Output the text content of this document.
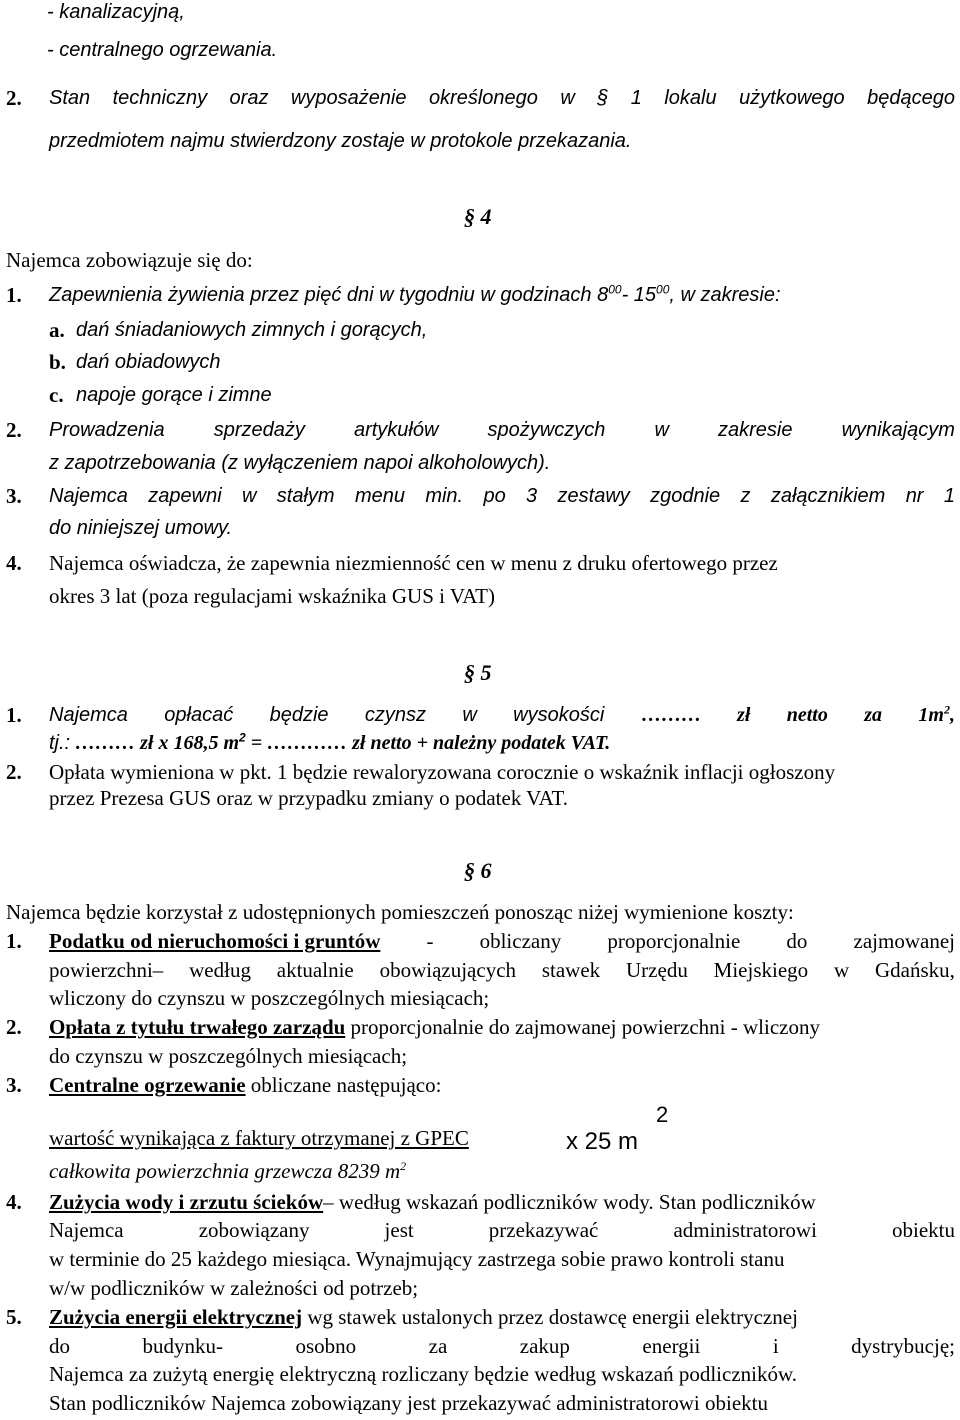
- kanalizacyjną,
- centralnego ogrzewania.
2. Stan techniczny oraz wyposażenie określonego w § 1 lokalu użytkowego będącego
przedmiotem najmu stwierdzony zostaje w protokole przekazania.
§ 4
Najemca zobowiązuje się do:
1. Zapewnienia żywienia przez pięć dni w tygodniu w godzinach $8^{00}-$ $15^{00}$, w zakresie:
a. dań śniadaniowych zimnych i gorących,
b. dań obiadowych
c. napoje gorące i zimne
2. Prowadzenia sprzedaży artykułów spożywczych w zakresie wynikającym
z zapotrzebowania (z wyłączeniem napoi alkoholowych).
3. Najemca zapewni w stałym menu min. po 3 zestawy zgodnie z załącznikiem nr 1
do niniejszej umowy.
4. Najemca oświadcza, że zapewnia niezmienność cen w menu z druku ofertowego przez
okres 3 lat (poza regulacjami wskaźnika GUS i VAT)
§ 5
1. Najemca opłacać będzie czynsz w wysokości ……… zł netto za $1m^2$,
tj.: ……… zł x 168,5 $m^2$ = ………… zł netto + należny podatek VAT.
2. Opłata wymieniona w pkt. 1 będzie rewaloryzowana corocznie o wskaźnik inflacji ogłoszony
przez Prezesa GUS oraz w przypadku zmiany o podatek VAT.
§ 6
Najemca będzie korzystał z udostępnionych pomieszczeń ponosząc niżej wymienione koszty:
1. Podatku od nieruchomości i gruntów - obliczany proporcjonalnie do zajmowanej
powierzchni– według aktualnie obowiązujących stawek Urzędu Miejskiego w Gdańsku,
wliczony do czynszu w poszczególnych miesiącach;
2. Opłata z tytułu trwałego zarządu proporcjonalnie do zajmowanej powierzchni - wliczony
do czynszu w poszczególnych miesiącach;
3. Centralne ogrzewanie obliczane następująco:
wartość wynikająca z faktury otrzymanej z GPEC
całkowita powierzchnia grzewcza 8239 $m^2$
x 25 m
2
4. Zużycia wody i zrzutu ścieków– według wskazań podliczników wody. Stan podliczników
Najemca	zobowiązany	jest	przekazywać	administratorowi	obiektu
w terminie do 25 każdego miesiąca. Wynajmujący zastrzega sobie prawo kontroli stanu
w/w podliczników w zależności od potrzeb;
5. Zużycia energii elektrycznej wg stawek ustalonych przez dostawcę energii elektrycznej
do	budynku-	osobno	za	zakup	energii	i	dystrybucję;
Najemca za zużytą energię elektryczną rozliczany będzie według wskazań podliczników.
Stan podliczników Najemca zobowiązany jest przekazywać administratorowi obiektu
